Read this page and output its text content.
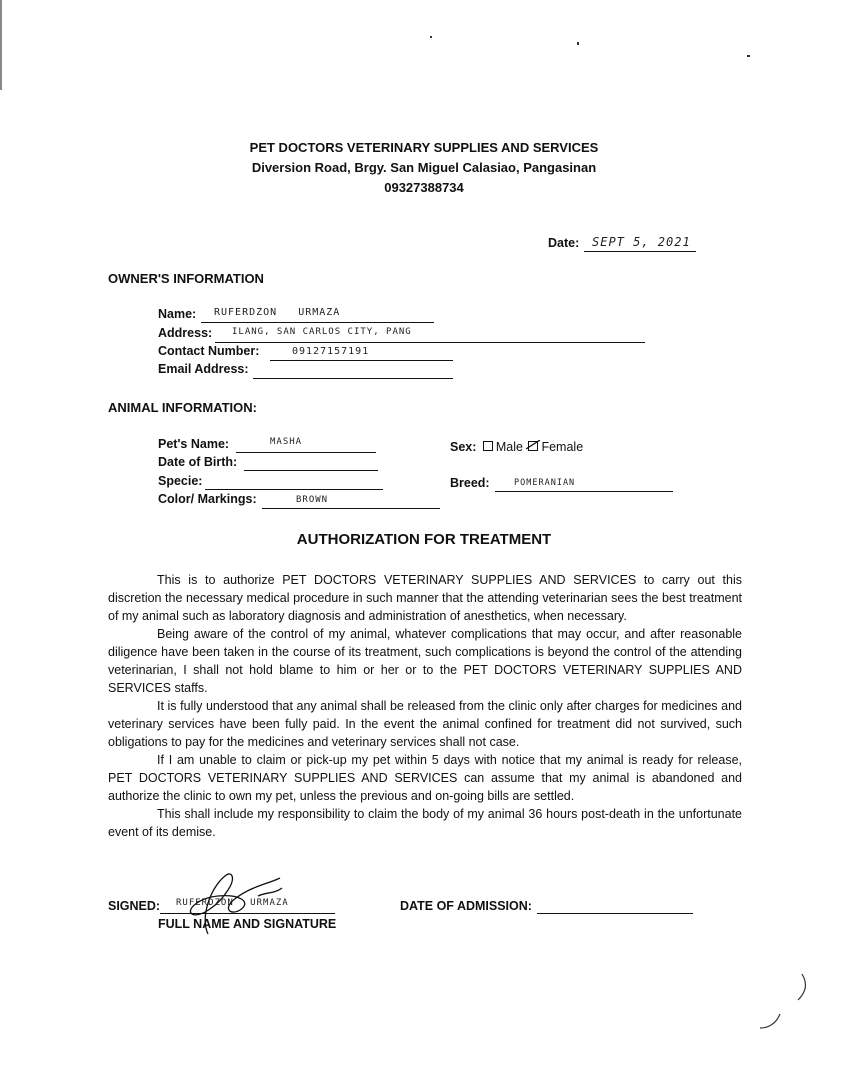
PET DOCTORS VETERINARY SUPPLIES AND SERVICES
Diversion Road, Brgy. San Miguel Calasiao, Pangasinan
09327388734
Date: SEPT 5, 2021
OWNER'S INFORMATION
Name: RUFERDZON URMAZA
Address: ILANG, SAN CARLOS CITY, PANG
Contact Number:	09127157191
Email Address:
ANIMAL INFORMATION:
Pet's Name:	MASHA
Date of Birth:
Specie:
Color/ Markings:	BROWN
Sex: Male Female
Breed:	POMERANIAN
AUTHORIZATION FOR TREATMENT

This is to authorize PET DOCTORS VETERINARY SUPPLIES AND SERVICES to carry out this discretion the necessary medical procedure in such manner that the attending veterinarian sees the best treatment of my animal such as laboratory diagnosis and administration of anesthetics, when necessary.

Being aware of the control of my animal, whatever complications that may occur, and after reasonable diligence have been taken in the course of its treatment, such complications is beyond the control of the attending veterinarian, I shall not hold blame to him or her or to the PET DOCTORS VETERINARY SUPPLIES AND SERVICES staffs.

It is fully understood that any animal shall be released from the clinic only after charges for medicines and veterinary services have been fully paid. In the event the animal confined for treatment did not survived, such obligations to pay for the medicines and veterinary services shall not case.

If I am unable to claim or pick-up my pet within 5 days with notice that my animal is ready for release, PET DOCTORS VETERINARY SUPPLIES AND SERVICES can assume that my animal is abandoned and authorize the clinic to own my pet, unless the previous and on-going bills are settled.

This shall include my responsibility to claim the body of my animal 36 hours post-death in the unfortunate event of its demise.

SIGNED: RUFERDZON URMAZA
FULL NAME AND SIGNATURE
DATE OF ADMISSION:
